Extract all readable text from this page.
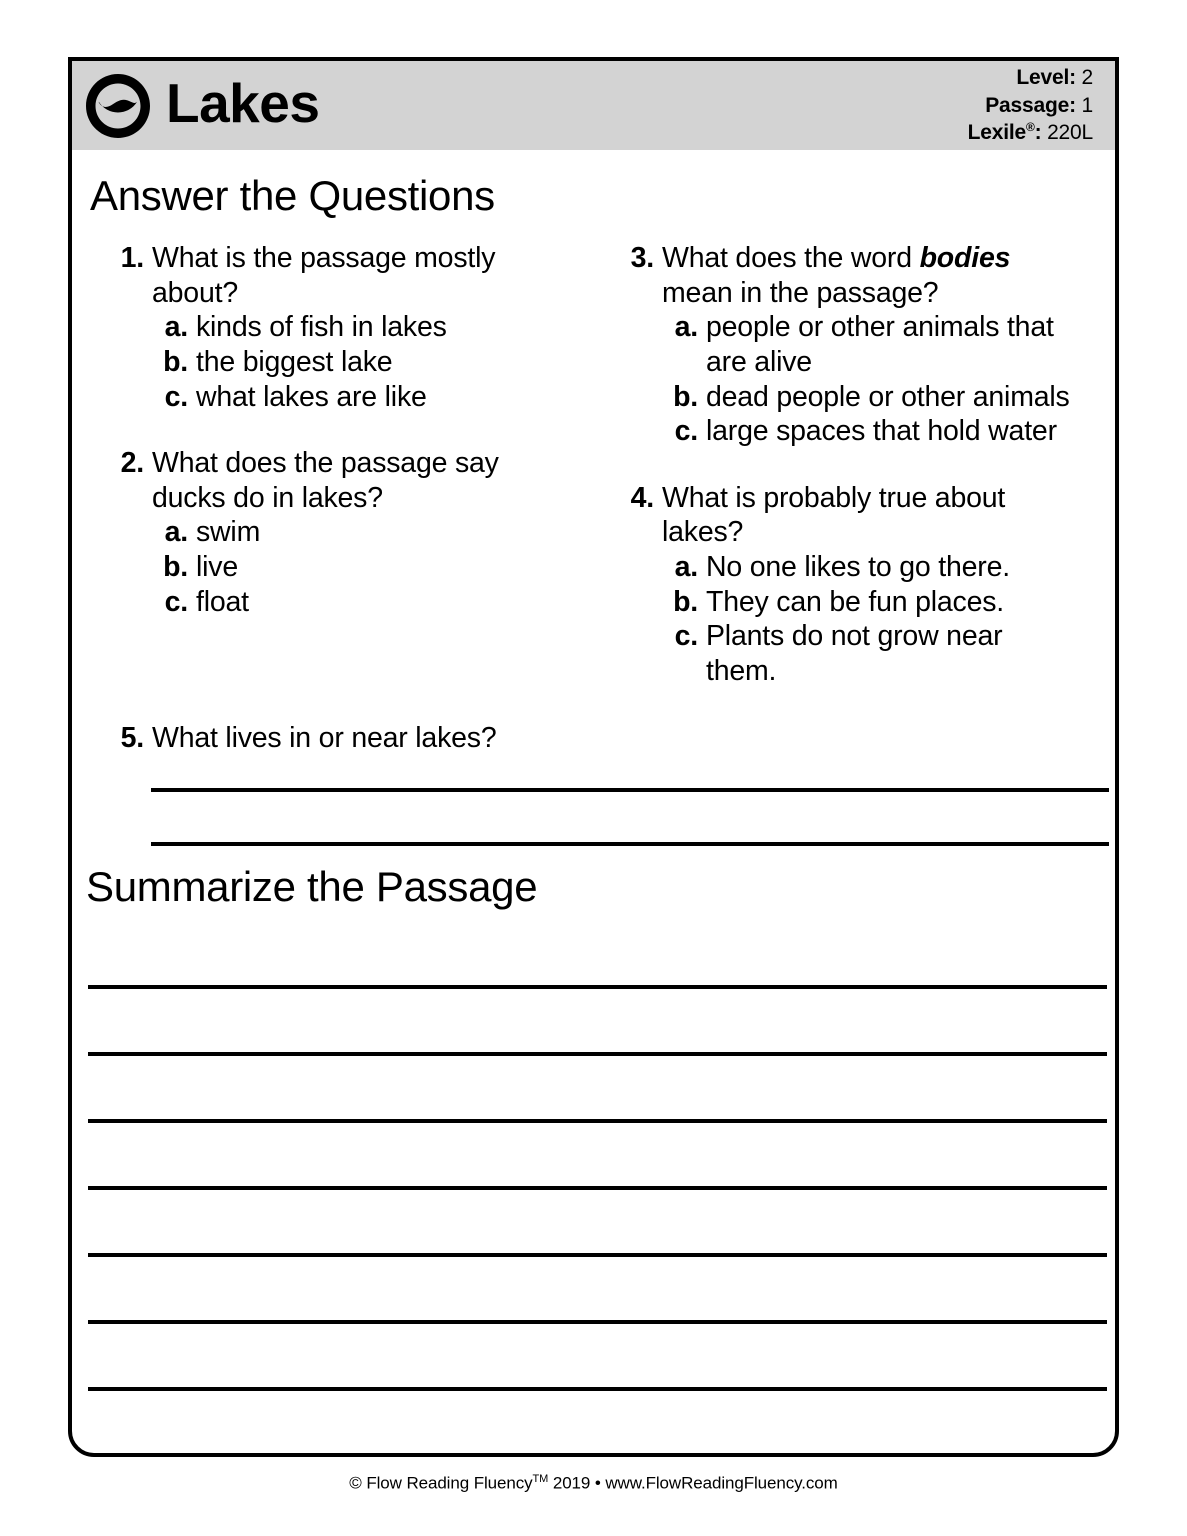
Lakes	Level: 2
Passage: 1
Lexile®: 220L
Answer the Questions
1. What is the passage mostly about?
a. kinds of fish in lakes
b. the biggest lake
c. what lakes are like
2. What does the passage say ducks do in lakes?
a. swim
b. live
c. float
3. What does the word bodies mean in the passage?
a. people or other animals that are alive
b. dead people or other animals
c. large spaces that hold water
4. What is probably true about lakes?
a. No one likes to go there.
b. They can be fun places.
c. Plants do not grow near them.
5. What lives in or near lakes?
Summarize the Passage
© Flow Reading Fluency™ 2019 • www.FlowReadingFluency.com
